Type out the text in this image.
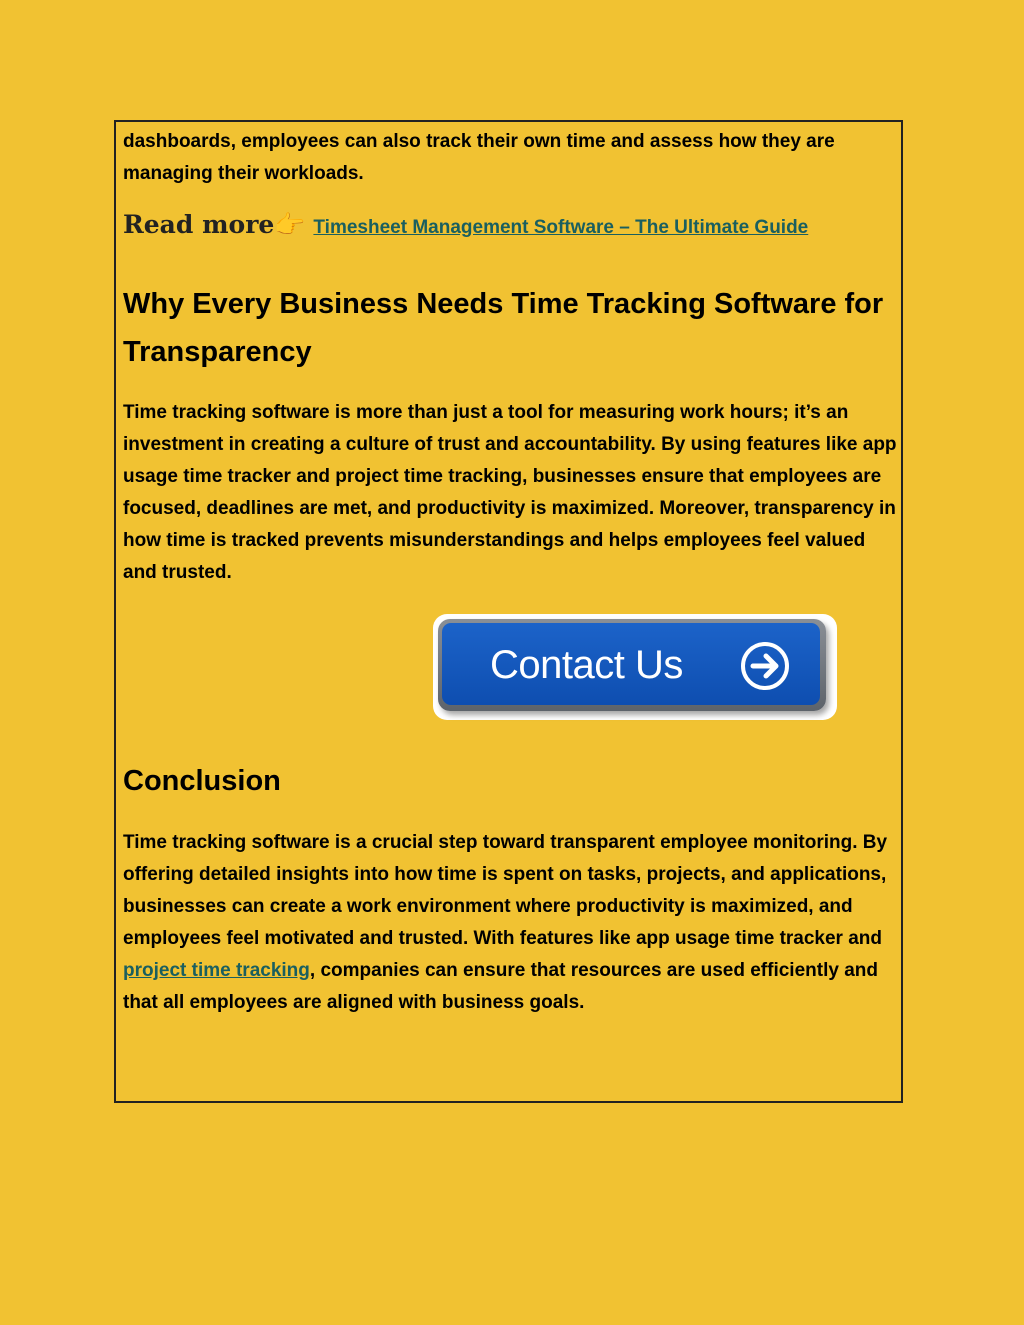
dashboards, employees can also track their own time and assess how they are managing their workloads.

Read more👉 Timesheet Management Software – The Ultimate Guide
Why Every Business Needs Time Tracking Software for Transparency

Time tracking software is more than just a tool for measuring work hours; it’s an investment in creating a culture of trust and accountability. By using features like app usage time tracker and project time tracking, businesses ensure that employees are focused, deadlines are met, and productivity is maximized. Moreover, transparency in how time is tracked prevents misunderstandings and helps employees feel valued and trusted.

Contact Us
Conclusion

Time tracking software is a crucial step toward transparent employee monitoring. By offering detailed insights into how time is spent on tasks, projects, and applications, businesses can create a work environment where productivity is maximized, and employees feel motivated and trusted. With features like app usage time tracker and project time tracking, companies can ensure that resources are used efficiently and that all employees are aligned with business goals.
